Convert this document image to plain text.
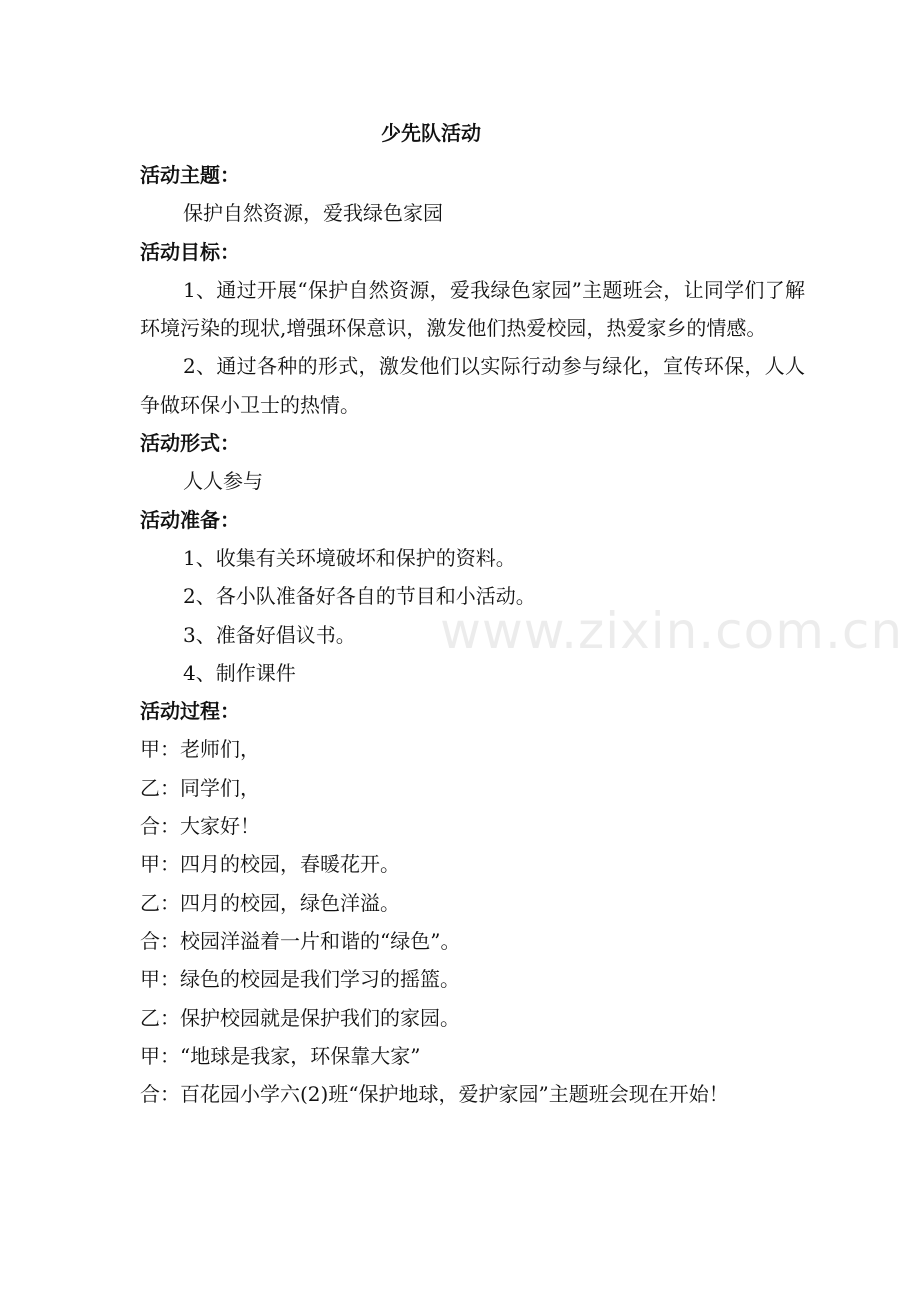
www.zixin.com.cn
少先队活动
活动主题：
保护自然资源，爱我绿色家园
活动目标：
1、通过开展“保护自然资源，爱我绿色家园”主题班会，让同学们了解环境污染的现状,增强环保意识，激发他们热爱校园，热爱家乡的情感。
2、通过各种的形式，激发他们以实际行动参与绿化，宣传环保，人人争做环保小卫士的热情。
活动形式：
人人参与
活动准备：
1、收集有关环境破坏和保护的资料。
2、各小队准备好各自的节目和小活动。
3、准备好倡议书。
4、制作课件
活动过程：
甲：老师们，
乙：同学们，
合：大家好！
甲：四月的校园，春暖花开。
乙：四月的校园，绿色洋溢。
合：校园洋溢着一片和谐的“绿色”。
甲：绿色的校园是我们学习的摇篮。
乙：保护校园就是保护我们的家园。
甲：“地球是我家，环保靠大家”
合：百花园小学六(2)班“保护地球，爱护家园”主题班会现在开始！
